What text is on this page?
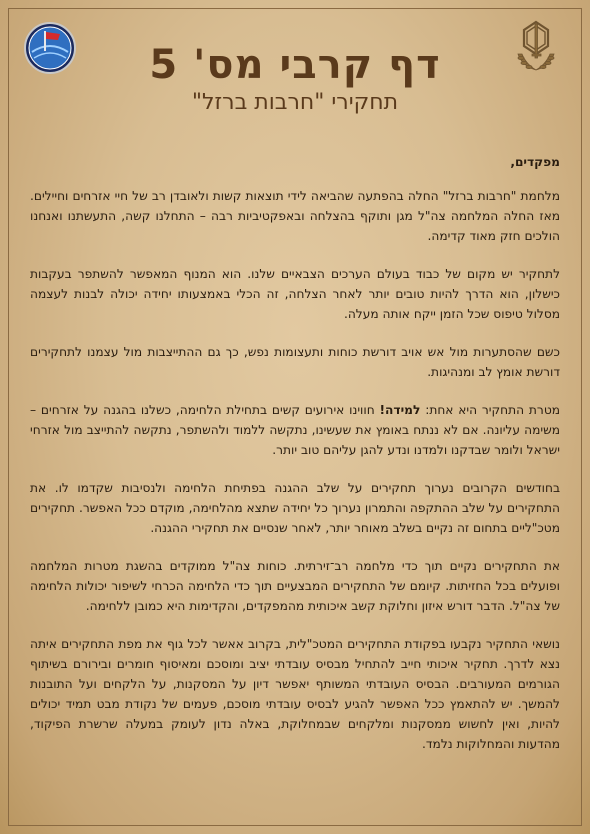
דף קרבי מס' 5
תחקירי "חרבות ברזל"
מפקדים,

מלחמת "חרבות ברזל" החלה בהפתעה שהביאה לידי תוצאות קשות ולאובדן רב של חיי אזרחים וחיילים. מאז החלה המלחמה צה"ל מגן ותוקף בהצלחה ובאפקטיביות רבה – התחלנו קשה, התעשתנו ואנחנו הולכים חזק מאוד קדימה.

לתחקיר יש מקום של כבוד בעולם הערכים הצבאיים שלנו. הוא המנוף המאפשר להשתפר בעקבות כישלון, הוא הדרך להיות טובים יותר לאחר הצלחה, זה הכלי באמצעותו יחידה יכולה לבנות לעצמה מסלול טיפוס שכל הזמן ייקח אותה מעלה.

כשם שהסתערות מול אש אויב דורשת כוחות ותעצומות נפש, כך גם ההתייצבות מול עצמנו לתחקירים דורשת אומץ לב ומנהיגות.

מטרת התחקיר היא אחת: למידה! חווינו אירועים קשים בתחילת הלחימה, כשלנו בהגנה על אזרחים – משימה עליונה. אם לא ננתח באומץ את שעשינו, נתקשה ללמוד ולהשתפר, נתקשה להתייצב מול אזרחי ישראל ולומר שבדקנו ולמדנו ונדע להגן עליהם טוב יותר.

בחודשים הקרובים נערוך תחקירים על שלב ההגנה בפתיחת הלחימה ולנסיבות שקדמו לו. את התחקירים על שלב ההתקפה והתמרון נערוך כל יחידה שתצא מהלחימה, מוקדם ככל האפשר. תחקירים מטכ"ליים בתחום זה נקיים בשלב מאוחר יותר, לאחר שנסיים את תחקירי ההגנה.

את התחקירים נקיים תוך כדי מלחמה רב־זירתית. כוחות צה"ל ממוקדים בהשגת מטרות המלחמה ופועלים בכל החזיתות. קיומם של התחקירים המבצעיים תוך כדי הלחימה הכרחי לשיפור יכולות הלחימה של צה"ל. הדבר דורש איזון וחלוקת קשב איכותית מהמפקדים, והקדימות היא כמובן ללחימה.

נושאי התחקיר נקבעו בפקודת התחקירים המטכ"לית, בקרוב אאשר לכל גוף את מפת התחקירים איתה נצא לדרך. תחקיר איכותי חייב להתחיל מבסיס עובדתי יציב ומוסכם ומאיסוף חומרים ובירורם בשיתוף הגורמים המעורבים. הבסיס העובדתי המשותף יאפשר דיון על המסקנות, על הלקחים ועל התובנות להמשך. יש להתאמץ ככל האפשר להגיע לבסיס עובדתי מוסכם, פעמים של נקודת מבט תמיד יכולים להיות, ואין לחשוש ממסקנות ומלקחים שבמחלוקת, באלה נדון לעומק במעלה שרשרת הפיקוד, מהדעות והמחלוקות נלמד.
